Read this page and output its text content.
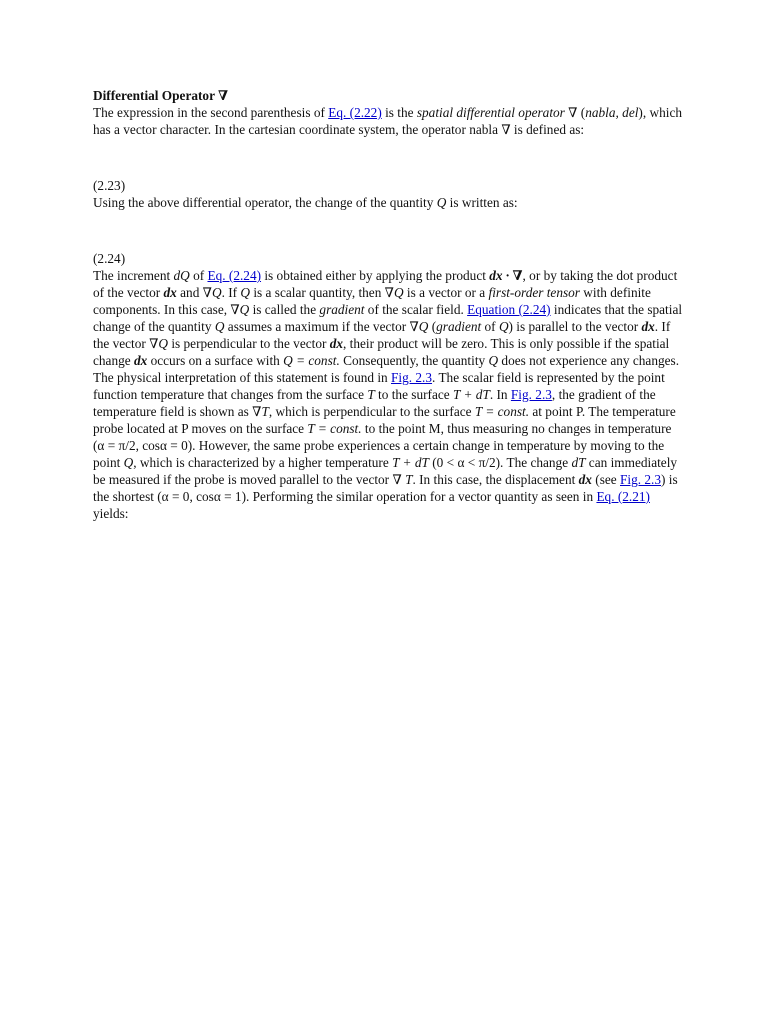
Differential Operator ∇

The expression in the second parenthesis of Eq. (2.22) is the spatial differential operator ∇ (nabla, del), which has a vector character. In the cartesian coordinate system, the operator nabla ∇ is defined as:

(2.23)

Using the above differential operator, the change of the quantity Q is written as:

(2.24)

The increment dQ of Eq. (2.24) is obtained either by applying the product dx · ∇, or by taking the dot product of the vector dx and ∇Q. If Q is a scalar quantity, then ∇Q is a vector or a first-order tensor with definite components. In this case, ∇Q is called the gradient of the scalar field. Equation (2.24) indicates that the spatial change of the quantity Q assumes a maximum if the vector ∇Q (gradient of Q) is parallel to the vector dx. If the vector ∇Q is perpendicular to the vector dx, their product will be zero. This is only possible if the spatial change dx occurs on a surface with Q = const. Consequently, the quantity Q does not experience any changes. The physical interpretation of this statement is found in Fig. 2.3. The scalar field is represented by the point function temperature that changes from the surface T to the surface T + dT. In Fig. 2.3, the gradient of the temperature field is shown as ∇T, which is perpendicular to the surface T = const. at point P. The temperature probe located at P moves on the surface T = const. to the point M, thus measuring no changes in temperature (α = π/2, cosα = 0). However, the same probe experiences a certain change in temperature by moving to the point Q, which is characterized by a higher temperature T + dT (0 < α < π/2). The change dT can immediately be measured if the probe is moved parallel to the vector ∇ T. In this case, the displacement dx (see Fig. 2.3) is the shortest (α = 0, cosα = 1). Performing the similar operation for a vector quantity as seen in Eq. (2.21) yields:
